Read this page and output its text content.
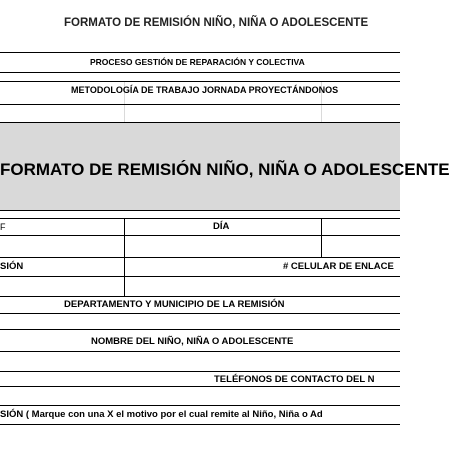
FORMATO DE REMISIÓN NIÑO, NIÑA O ADOLESCENTE
PROCESO GESTIÓN DE REPARACIÓN Y COLECTIVA
METODOLOGÍA DE TRABAJO JORNADA PROYECTÁNDONOS
FORMATO DE REMISIÓN NIÑO, NIÑA O ADOLESCENTE
F	DÍA
SIÓN	# CELULAR DE ENLACE
DEPARTAMENTO Y MUNICIPIO DE LA REMISIÓN
NOMBRE DEL NIÑO, NIÑA O ADOLESCENTE
TELÉFONOS DE CONTACTO DEL N
SIÓN ( Marque con una X el motivo por el cual remite al Niño, Niña o Ad
